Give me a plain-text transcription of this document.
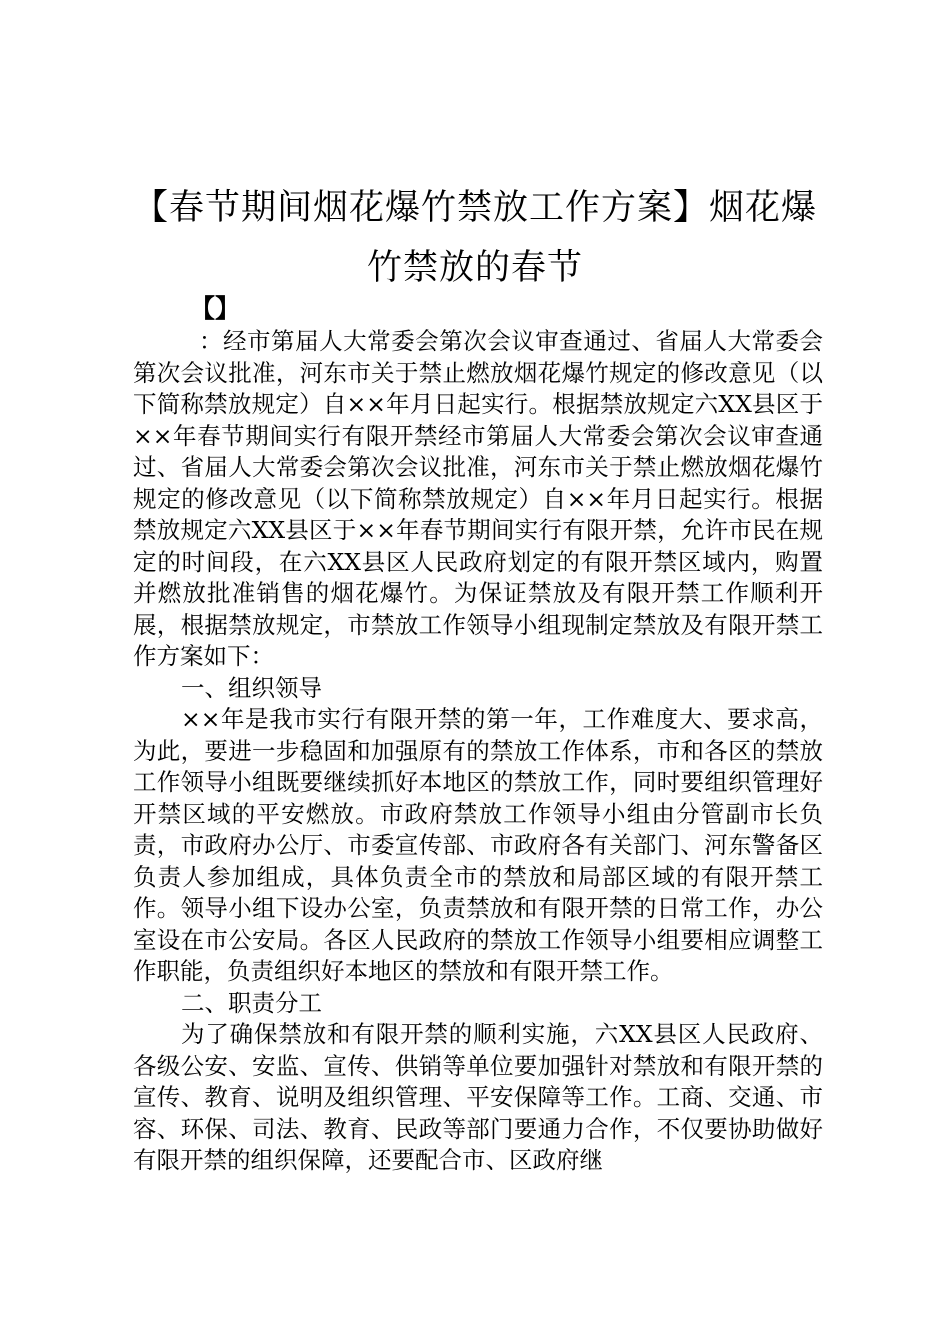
【春节期间烟花爆竹禁放工作方案】烟花爆竹禁放的春节
【】

：经市第届人大常委会第次会议审查通过、省届人大常委会第次会议批准，河东市关于禁止燃放烟花爆竹规定的修改意见（以下简称禁放规定）自××年月日起实行。根据禁放规定六XX县区于××年春节期间实行有限开禁经市第届人大常委会第次会议审查通过、省届人大常委会第次会议批准，河东市关于禁止燃放烟花爆竹规定的修改意见（以下简称禁放规定）自××年月日起实行。根据禁放规定六XX县区于××年春节期间实行有限开禁，允许市民在规定的时间段，在六XX县区人民政府划定的有限开禁区域内，购置并燃放批准销售的烟花爆竹。为保证禁放及有限开禁工作顺利开展，根据禁放规定，市禁放工作领导小组现制定禁放及有限开禁工作方案如下：

一、组织领导

××年是我市实行有限开禁的第一年，工作难度大、要求高，为此，要进一步稳固和加强原有的禁放工作体系，市和各区的禁放工作领导小组既要继续抓好本地区的禁放工作，同时要组织管理好开禁区域的平安燃放。市政府禁放工作领导小组由分管副市长负责，市政府办公厅、市委宣传部、市政府各有关部门、河东警备区负责人参加组成，具体负责全市的禁放和局部区域的有限开禁工作。领导小组下设办公室，负责禁放和有限开禁的日常工作，办公室设在市公安局。各区人民政府的禁放工作领导小组要相应调整工作职能，负责组织好本地区的禁放和有限开禁工作。

二、职责分工

为了确保禁放和有限开禁的顺利实施，六XX县区人民政府、各级公安、安监、宣传、供销等单位要加强针对禁放和有限开禁的宣传、教育、说明及组织管理、平安保障等工作。工商、交通、市容、环保、司法、教育、民政等部门要通力合作，不仅要协助做好有限开禁的组织保障，还要配合市、区政府继
